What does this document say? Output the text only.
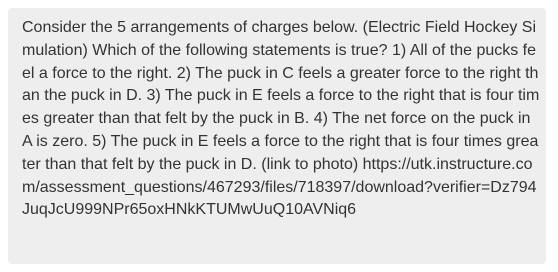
Consider the 5 arrangements of charges below. (Electric Field Hockey Simulation) Which of the following statements is true? 1) All of the pucks feel a force to the right. 2) The puck in C feels a greater force to the right than the puck in D. 3) The puck in E feels a force to the right that is four times greater than that felt by the puck in B. 4) The net force on the puck in A is zero. 5) The puck in E feels a force to the right that is four times greater than that felt by the puck in D. (link to photo) https://utk.instructure.com/assessment_questions/467293/files/718397/download?verifier=Dz794JuqJcU999NPr65oxHNkKTUMwUuQ10AVNiq6
